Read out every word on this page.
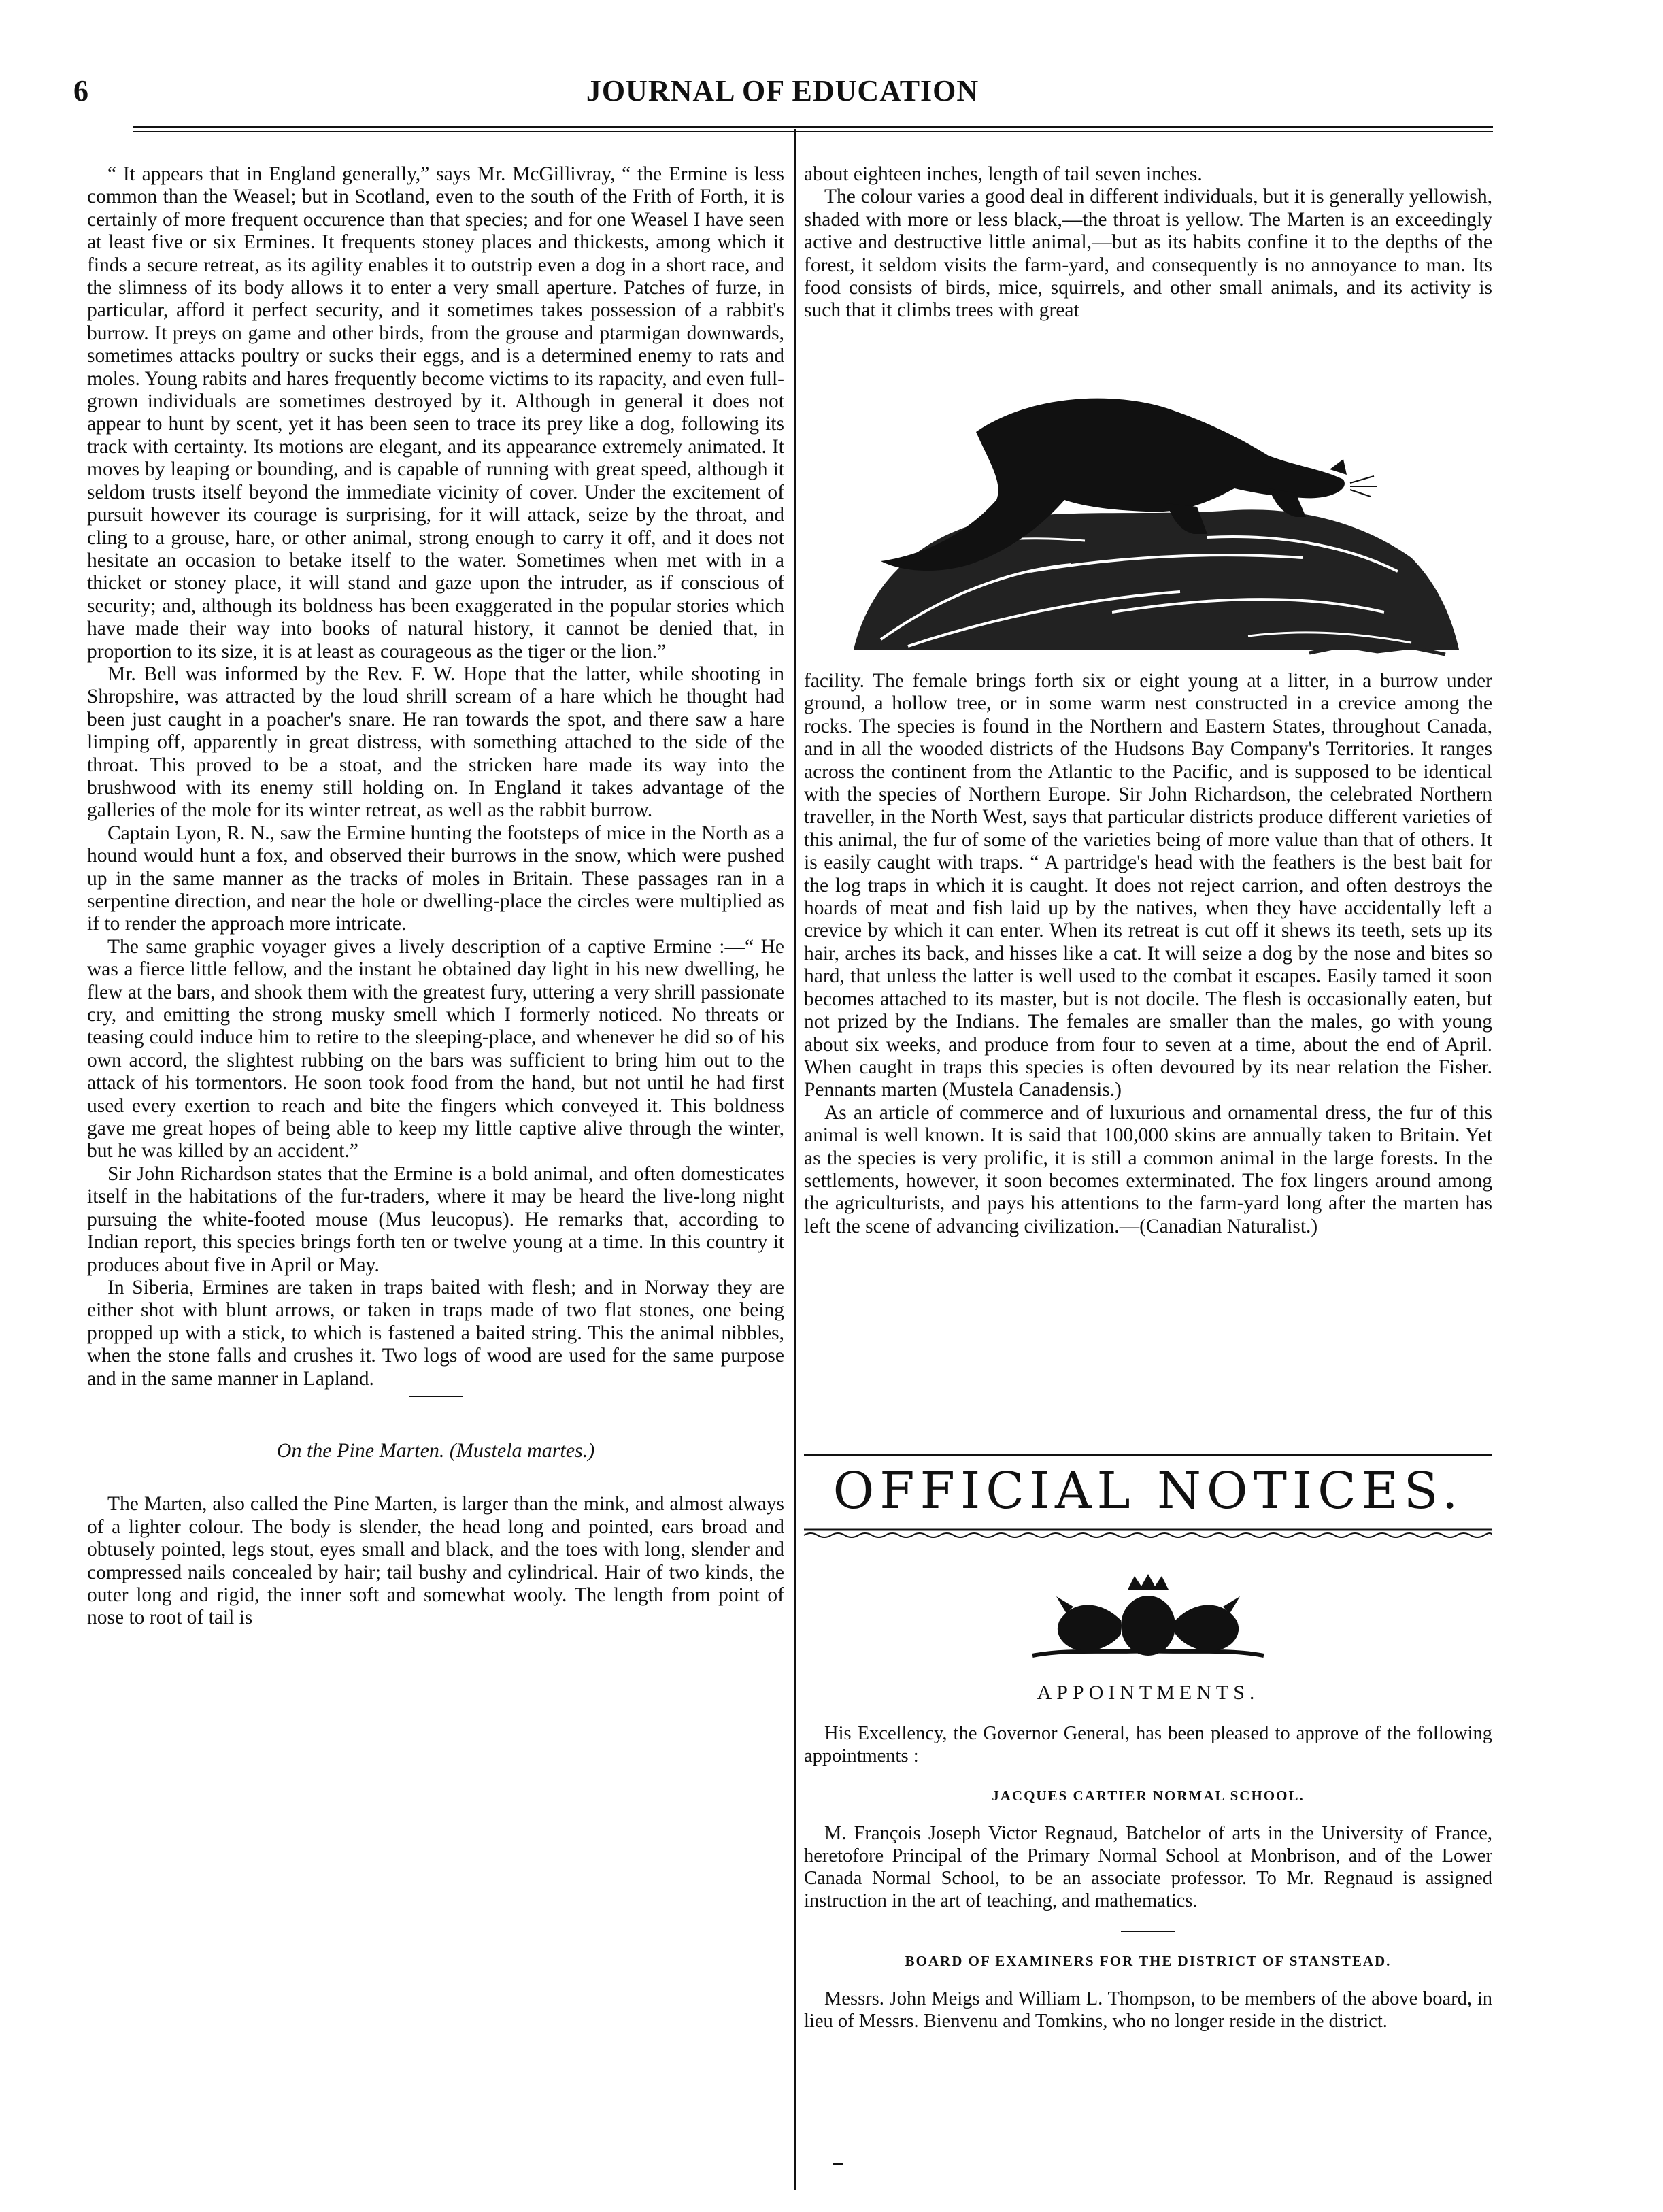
6	JOURNAL OF EDUCATION

“ It appears that in England generally,” says Mr. McGillivray, “ the Ermine is less common than the Weasel; but in Scotland, even to the south of the Frith of Forth, it is certainly of more frequent occurence than that species; and for one Weasel I have seen at least five or six Ermines. It frequents stoney places and thickests, among which it finds a secure retreat, as its agility enables it to outstrip even a dog in a short race, and the slimness of its body allows it to enter a very small aperture. Patches of furze, in particular, afford it perfect security, and it sometimes takes possession of a rabbit's burrow. It preys on game and other birds, from the grouse and ptarmigan downwards, sometimes attacks poultry or sucks their eggs, and is a determined enemy to rats and moles. Young rabits and hares frequently become victims to its rapacity, and even full-grown individuals are sometimes destroyed by it. Although in general it does not appear to hunt by scent, yet it has been seen to trace its prey like a dog, following its track with certainty. Its motions are elegant, and its appearance extremely animated. It moves by leaping or bounding, and is capable of running with great speed, although it seldom trusts itself beyond the immediate vicinity of cover. Under the excitement of pursuit however its courage is surprising, for it will attack, seize by the throat, and cling to a grouse, hare, or other animal, strong enough to carry it off, and it does not hesitate an occasion to betake itself to the water. Sometimes when met with in a thicket or stoney place, it will stand and gaze upon the intruder, as if conscious of security; and, although its boldness has been exaggerated in the popular stories which have made their way into books of natural history, it cannot be denied that, in proportion to its size, it is at least as courageous as the tiger or the lion.”

Mr. Bell was informed by the Rev. F. W. Hope that the latter, while shooting in Shropshire, was attracted by the loud shrill scream of a hare which he thought had been just caught in a poacher's snare. He ran towards the spot, and there saw a hare limping off, apparently in great distress, with something attached to the side of the throat. This proved to be a stoat, and the stricken hare made its way into the brushwood with its enemy still holding on. In England it takes advantage of the galleries of the mole for its winter retreat, as well as the rabbit burrow.

Captain Lyon, R. N., saw the Ermine hunting the footsteps of mice in the North as a hound would hunt a fox, and observed their burrows in the snow, which were pushed up in the same manner as the tracks of moles in Britain. These passages ran in a serpentine direction, and near the hole or dwelling-place the circles were multiplied as if to render the approach more intricate.

The same graphic voyager gives a lively description of a captive Ermine :—“ He was a fierce little fellow, and the instant he obtained day light in his new dwelling, he flew at the bars, and shook them with the greatest fury, uttering a very shrill passionate cry, and emitting the strong musky smell which I formerly noticed. No threats or teasing could induce him to retire to the sleeping-place, and whenever he did so of his own accord, the slightest rubbing on the bars was sufficient to bring him out to the attack of his tormentors. He soon took food from the hand, but not until he had first used every exertion to reach and bite the fingers which conveyed it. This boldness gave me great hopes of being able to keep my little captive alive through the winter, but he was killed by an accident.”

Sir John Richardson states that the Ermine is a bold animal, and often domesticates itself in the habitations of the fur-traders, where it may be heard the live-long night pursuing the white-footed mouse (Mus leucopus). He remarks that, according to Indian report, this species brings forth ten or twelve young at a time. In this country it produces about five in April or May.

In Siberia, Ermines are taken in traps baited with flesh; and in Norway they are either shot with blunt arrows, or taken in traps made of two flat stones, one being propped up with a stick, to which is fastened a baited string. This the animal nibbles, when the stone falls and crushes it. Two logs of wood are used for the same purpose and in the same manner in Lapland.

On the Pine Marten. (Mustela martes.)

The Marten, also called the Pine Marten, is larger than the mink, and almost always of a lighter colour. The body is slender, the head long and pointed, ears broad and obtusely pointed, legs stout, eyes small and black, and the toes with long, slender and compressed nails concealed by hair; tail bushy and cylindrical. Hair of two kinds, the outer long and rigid, the inner soft and somewhat wooly. The length from point of nose to root of tail is

about eighteen inches, length of tail seven inches.

The colour varies a good deal in different individuals, but it is generally yellowish, shaded with more or less black,—the throat is yellow. The Marten is an exceedingly active and destructive little animal,—but as its habits confine it to the depths of the forest, it seldom visits the farm-yard, and consequently is no annoyance to man. Its food consists of birds, mice, squirrels, and other small animals, and its activity is such that it climbs trees with great

facility. The female brings forth six or eight young at a litter, in a burrow under ground, a hollow tree, or in some warm nest constructed in a crevice among the rocks. The species is found in the Northern and Eastern States, throughout Canada, and in all the wooded districts of the Hudsons Bay Company's Territories. It ranges across the continent from the Atlantic to the Pacific, and is supposed to be identical with the species of Northern Europe. Sir John Richardson, the celebrated Northern traveller, in the North West, says that particular districts produce different varieties of this animal, the fur of some of the varieties being of more value than that of others. It is easily caught with traps. “ A partridge's head with the feathers is the best bait for the log traps in which it is caught. It does not reject carrion, and often destroys the hoards of meat and fish laid up by the natives, when they have accidentally left a crevice by which it can enter. When its retreat is cut off it shews its teeth, sets up its hair, arches its back, and hisses like a cat. It will seize a dog by the nose and bites so hard, that unless the latter is well used to the combat it escapes. Easily tamed it soon becomes attached to its master, but is not docile. The flesh is occasionally eaten, but not prized by the Indians. The females are smaller than the males, go with young about six weeks, and produce from four to seven at a time, about the end of April. When caught in traps this species is often devoured by its near relation the Fisher. Pennants marten (Mustela Canadensis.)

As an article of commerce and of luxurious and ornamental dress, the fur of this animal is well known. It is said that 100,000 skins are annually taken to Britain. Yet as the species is very prolific, it is still a common animal in the large forests. In the settlements, however, it soon becomes exterminated. The fox lingers around among the agriculturists, and pays his attentions to the farm-yard long after the marten has left the scene of advancing civilization.—(Canadian Naturalist.)

OFFICIAL NOTICES.
APPOINTMENTS.

His Excellency, the Governor General, has been pleased to approve of the following appointments :

JACQUES CARTIER NORMAL SCHOOL.

M. François Joseph Victor Regnaud, Batchelor of arts in the University of France, heretofore Principal of the Primary Normal School at Monbrison, and of the Lower Canada Normal School, to be an associate professor. To Mr. Regnaud is assigned instruction in the art of teaching, and mathematics.

BOARD OF EXAMINERS FOR THE DISTRICT OF STANSTEAD.

Messrs. John Meigs and William L. Thompson, to be members of the above board, in lieu of Messrs. Bienvenu and Tomkins, who no longer reside in the district.
